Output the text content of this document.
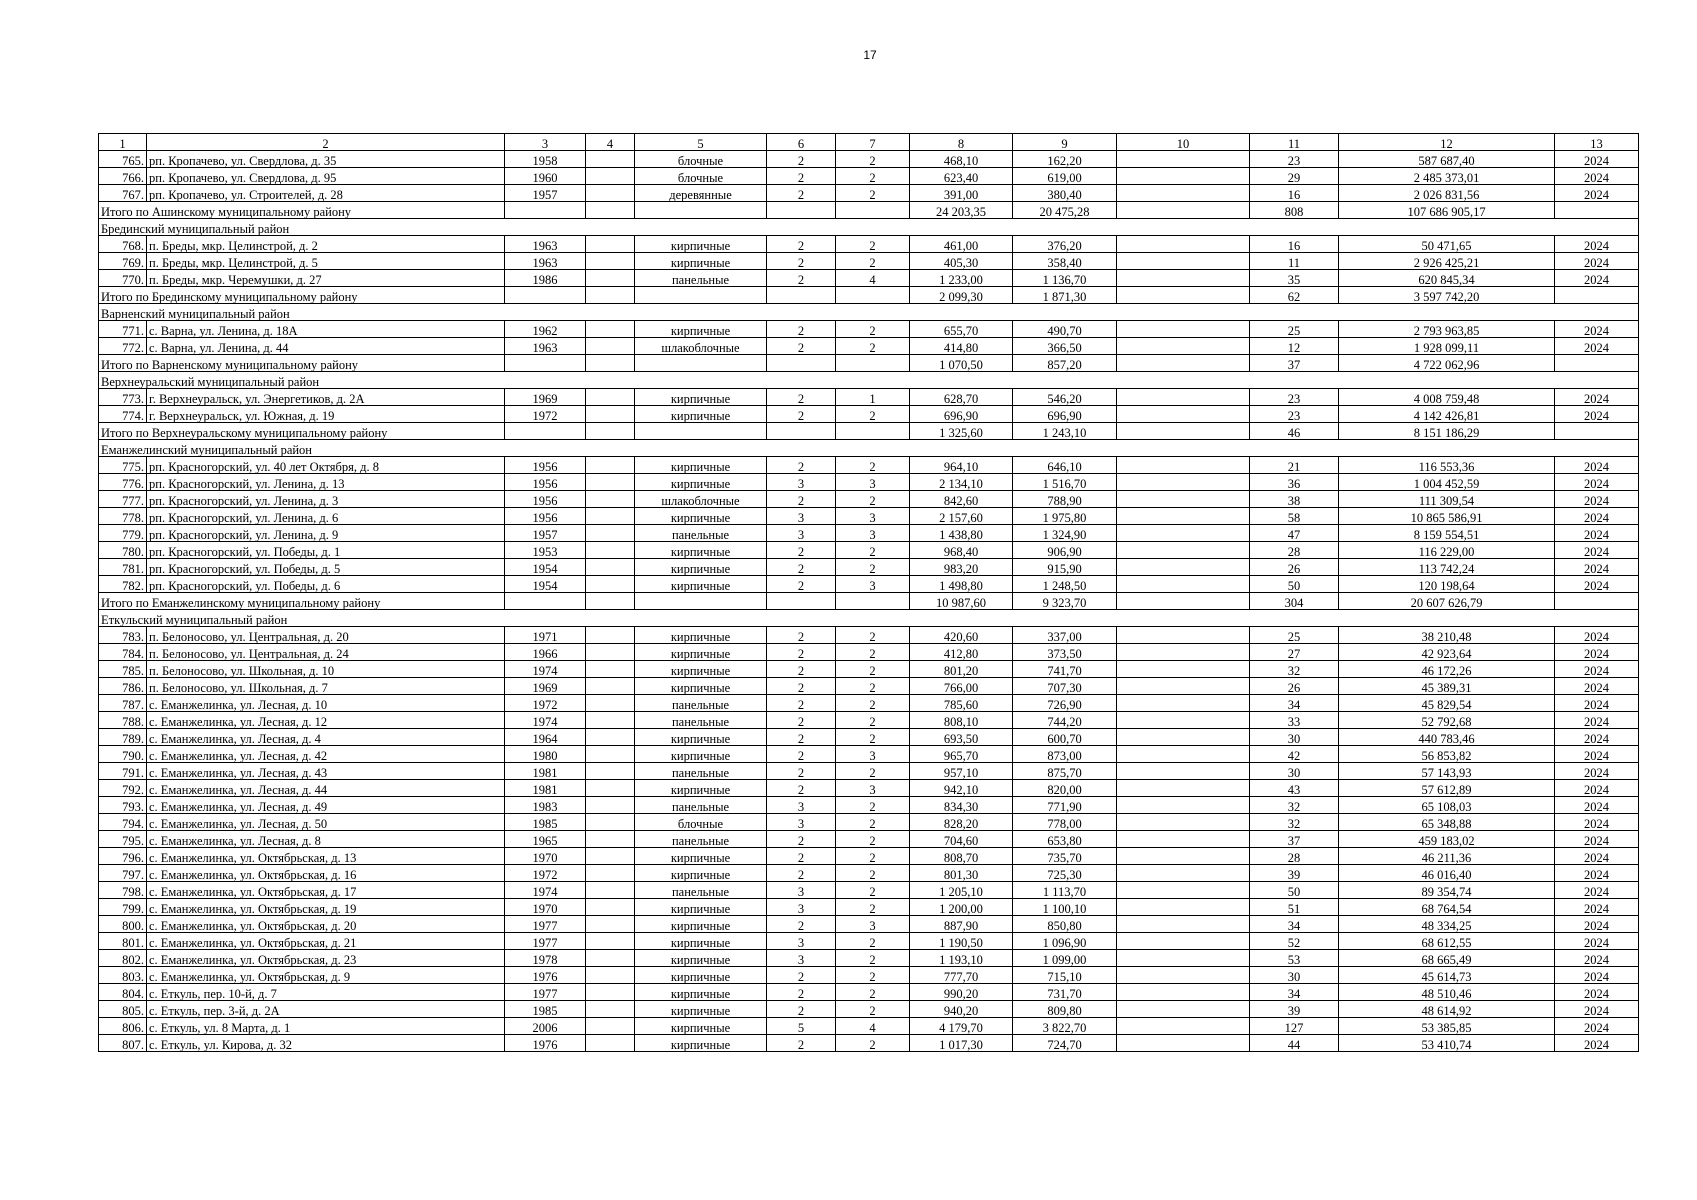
17
1	2	3	4	5	6	7	8	9	10	11	12	13
765.	рп. Кропачево, ул. Свердлова, д. 35	1958		блочные	2	2	468,10	162,20		23	587 687,40	2024
766.	рп. Кропачево, ул. Свердлова, д. 95	1960		блочные	2	2	623,40	619,00		29	2 485 373,01	2024
767.	рп. Кропачево, ул. Строителей, д. 28	1957		деревянные	2	2	391,00	380,40		16	2 026 831,56	2024
Итого по Ашинскому муниципальному району							24 203,35	20 475,28		808	107 686 905,17	
Брединский муниципальный район												
768.	п. Бреды, мкр. Целинстрой, д. 2	1963		кирпичные	2	2	461,00	376,20		16	50 471,65	2024
769.	п. Бреды, мкр. Целинстрой, д. 5	1963		кирпичные	2	2	405,30	358,40		11	2 926 425,21	2024
770.	п. Бреды, мкр. Черемушки, д. 27	1986		панельные	2	4	1 233,00	1 136,70		35	620 845,34	2024
Итого по Брединскому муниципальному району							2 099,30	1 871,30		62	3 597 742,20	
Варненский муниципальный район												
771.	с. Варна, ул. Ленина, д. 18А	1962		кирпичные	2	2	655,70	490,70		25	2 793 963,85	2024
772.	с. Варна, ул. Ленина, д. 44	1963		шлакоблочные	2	2	414,80	366,50		12	1 928 099,11	2024
Итого по Варненскому муниципальному району							1 070,50	857,20		37	4 722 062,96	
Верхнеуральский муниципальный район												
773.	г. Верхнеуральск, ул. Энергетиков, д. 2А	1969		кирпичные	2	1	628,70	546,20		23	4 008 759,48	2024
774.	г. Верхнеуральск, ул. Южная, д. 19	1972		кирпичные	2	2	696,90	696,90		23	4 142 426,81	2024
Итого по Верхнеуральскому муниципальному району							1 325,60	1 243,10		46	8 151 186,29	
Еманжелинский муниципальный район												
775.	рп. Красногорский, ул. 40 лет Октября, д. 8	1956		кирпичные	2	2	964,10	646,10		21	116 553,36	2024
776.	рп. Красногорский, ул. Ленина, д. 13	1956		кирпичные	3	3	2 134,10	1 516,70		36	1 004 452,59	2024
777.	рп. Красногорский, ул. Ленина, д. 3	1956		шлакоблочные	2	2	842,60	788,90		38	111 309,54	2024
778.	рп. Красногорский, ул. Ленина, д. 6	1956		кирпичные	3	3	2 157,60	1 975,80		58	10 865 586,91	2024
779.	рп. Красногорский, ул. Ленина, д. 9	1957		панельные	3	3	1 438,80	1 324,90		47	8 159 554,51	2024
780.	рп. Красногорский, ул. Победы, д. 1	1953		кирпичные	2	2	968,40	906,90		28	116 229,00	2024
781.	рп. Красногорский, ул. Победы, д. 5	1954		кирпичные	2	2	983,20	915,90		26	113 742,24	2024
782.	рп. Красногорский, ул. Победы, д. 6	1954		кирпичные	2	3	1 498,80	1 248,50		50	120 198,64	2024
Итого по Еманжелинскому муниципальному району							10 987,60	9 323,70		304	20 607 626,79	
Еткульский муниципальный район												
783.	п. Белоносово, ул. Центральная, д. 20	1971		кирпичные	2	2	420,60	337,00		25	38 210,48	2024
784.	п. Белоносово, ул. Центральная, д. 24	1966		кирпичные	2	2	412,80	373,50		27	42 923,64	2024
785.	п. Белоносово, ул. Школьная, д. 10	1974		кирпичные	2	2	801,20	741,70		32	46 172,26	2024
786.	п. Белоносово, ул. Школьная, д. 7	1969		кирпичные	2	2	766,00	707,30		26	45 389,31	2024
787.	с. Еманжелинка, ул. Лесная, д. 10	1972		панельные	2	2	785,60	726,90		34	45 829,54	2024
788.	с. Еманжелинка, ул. Лесная, д. 12	1974		панельные	2	2	808,10	744,20		33	52 792,68	2024
789.	с. Еманжелинка, ул. Лесная, д. 4	1964		кирпичные	2	2	693,50	600,70		30	440 783,46	2024
790.	с. Еманжелинка, ул. Лесная, д. 42	1980		кирпичные	2	3	965,70	873,00		42	56 853,82	2024
791.	с. Еманжелинка, ул. Лесная, д. 43	1981		панельные	2	2	957,10	875,70		30	57 143,93	2024
792.	с. Еманжелинка, ул. Лесная, д. 44	1981		кирпичные	2	3	942,10	820,00		43	57 612,89	2024
793.	с. Еманжелинка, ул. Лесная, д. 49	1983		панельные	3	2	834,30	771,90		32	65 108,03	2024
794.	с. Еманжелинка, ул. Лесная, д. 50	1985		блочные	3	2	828,20	778,00		32	65 348,88	2024
795.	с. Еманжелинка, ул. Лесная, д. 8	1965		панельные	2	2	704,60	653,80		37	459 183,02	2024
796.	с. Еманжелинка, ул. Октябрьская, д. 13	1970		кирпичные	2	2	808,70	735,70		28	46 211,36	2024
797.	с. Еманжелинка, ул. Октябрьская, д. 16	1972		кирпичные	2	2	801,30	725,30		39	46 016,40	2024
798.	с. Еманжелинка, ул. Октябрьская, д. 17	1974		панельные	3	2	1 205,10	1 113,70		50	89 354,74	2024
799.	с. Еманжелинка, ул. Октябрьская, д. 19	1970		кирпичные	3	2	1 200,00	1 100,10		51	68 764,54	2024
800.	с. Еманжелинка, ул. Октябрьская, д. 20	1977		кирпичные	2	3	887,90	850,80		34	48 334,25	2024
801.	с. Еманжелинка, ул. Октябрьская, д. 21	1977		кирпичные	3	2	1 190,50	1 096,90		52	68 612,55	2024
802.	с. Еманжелинка, ул. Октябрьская, д. 23	1978		кирпичные	3	2	1 193,10	1 099,00		53	68 665,49	2024
803.	с. Еманжелинка, ул. Октябрьская, д. 9	1976		кирпичные	2	2	777,70	715,10		30	45 614,73	2024
804.	с. Еткуль, пер. 10-й, д. 7	1977		кирпичные	2	2	990,20	731,70		34	48 510,46	2024
805.	с. Еткуль, пер. 3-й, д. 2А	1985		кирпичные	2	2	940,20	809,80		39	48 614,92	2024
806.	с. Еткуль, ул. 8 Марта, д. 1	2006		кирпичные	5	4	4 179,70	3 822,70		127	53 385,85	2024
807.	с. Еткуль, ул. Кирова, д. 32	1976		кирпичные	2	2	1 017,30	724,70		44	53 410,74	2024
